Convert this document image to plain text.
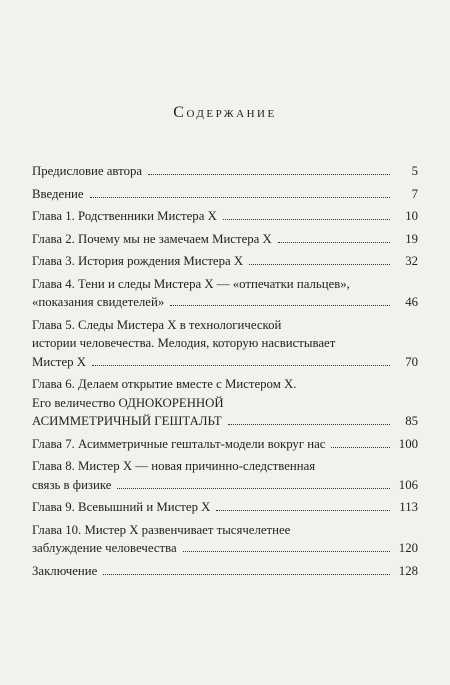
Содержание
Предисловие автора	5
Введение	7
Глава 1. Родственники Мистера Х	10
Глава 2. Почему мы не замечаем Мистера Х	19
Глава 3. История рождения Мистера Х	32
Глава 4. Тени и следы Мистера Х — «отпечатки пальцев»,
«показания свидетелей»	46
Глава 5. Следы Мистера Х в технологической
истории человечества. Мелодия, которую насвистывает
Мистер Х	70
Глава 6. Делаем открытие вместе с Мистером Х.
Его величество ОДНОКОРЕННОЙ
АСИММЕТРИЧНЫЙ ГЕШТАЛЬТ	85
Глава 7. Асимметричные гештальт-модели вокруг нас	100
Глава 8. Мистер Х — новая причинно-следственная
связь в физике	106
Глава 9. Всевышний и Мистер Х	113
Глава 10. Мистер Х развенчивает тысячелетнее
заблуждение человечества	120
Заключение	128
